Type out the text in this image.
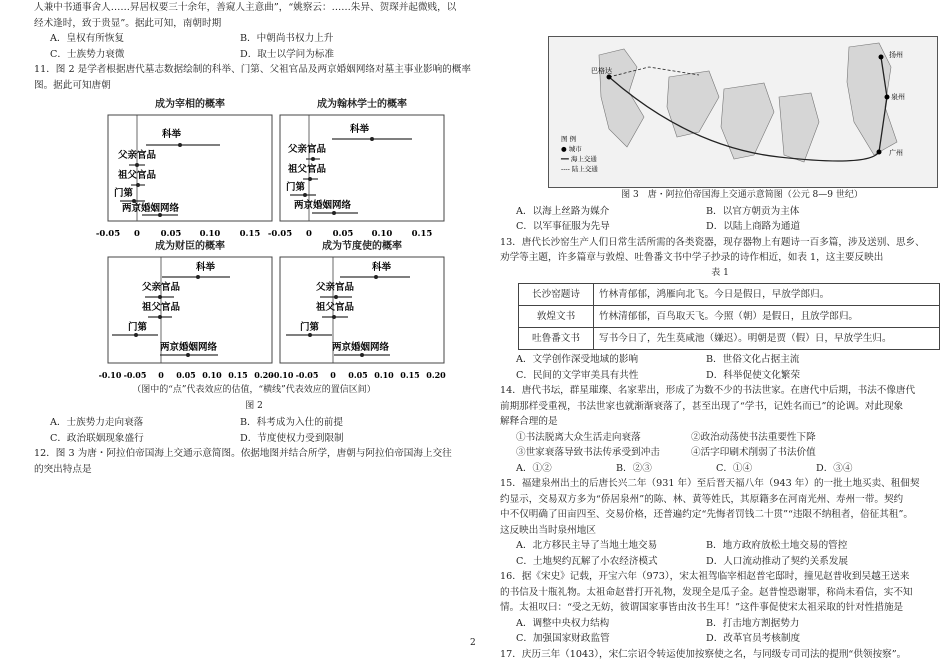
人兼中书通事舍人……昇居权要三十余年，善窥人主意曲”，“姚察云：……朱异、贺琛并起微贱，以

经术逢时，致于贵显”。据此可知，南朝时期

A．皇权有所恢复	B．中朝尚书权力上升
C．士族势力衰微	D．取士以学问为标准

11．图 2 是学者根据唐代墓志数据绘制的科举、门第、父祖官品及两京婚姻网络对墓主事业影响的概率

图。据此可知唐朝

成为宰相的概率
科举
父亲官品
祖父官品
门第
两京婚姻网络
-0.05 0 0.05 0.10 0.15
成为翰林学士的概率
科举
父亲官品
祖父官品
门第
两京婚姻网络
-0.05 0 0.05 0.10 0.15
成为财臣的概率
科举
父亲官品
祖父官品
门第
两京婚姻网络
-0.10 -0.05 0 0.05 0.10 0.15 0.20
成为节度使的概率
科举
父亲官品
祖父官品
门第
两京婚姻网络
-0.10 -0.05 0 0.05 0.10 0.15 0.20
（图中的“点”代表效应的估值，“横线”代表效应的置信区间）
图 2
A．士族势力走向衰落	B．科考成为入仕的前提
C．政治联姻现象盛行	D．节度使权力受到限制

12．图 3 为唐・阿拉伯帝国海上交通示意简图。依据地图并结合所学，唐朝与阿拉伯帝国海上交往

的突出特点是

巴格达
广州
扬州
泉州
图 例
● 城市
━━ 海上交通
---- 陆上交通
图 3　唐・阿拉伯帝国海上交通示意简图（公元 8—9 世纪）
A．以海上丝路为媒介	B．以官方朝贡为主体
C．以军事征服为先导	D．以陆上商路为通道

13．唐代长沙窑生产人们日常生活所需的各类瓷器，现存器物上有题诗一百多篇，涉及送别、思乡、

劝学等主题，许多篇章与敦煌、吐鲁番文书中学子抄录的诗作相近，如表 1，这主要反映出

表 1
长沙窑题诗	竹林青郁郁，鸿雁向北飞。今日是假日，早放学郎归。
敦煌文书	竹林清郁郁，百鸟取天飞。今照（朝）是假日，且放学郎归。
吐鲁番文书	写书今日了，先生莫咸池（嫌迟）。明朝是贾（假）日，早放学生归。
A．文学创作深受地域的影响	B．世俗文化占据主流
C．民间的文学审美具有共性	D．科举促使文化繁荣

14．唐代书坛，群星璀璨、名家辈出，形成了为数不少的书法世家。在唐代中后期，书法不像唐代

前期那样受重视，书法世家也就渐渐衰落了，甚至出现了“学书，记姓名而已”的论调。对此现象

解释合理的是

①书法脱离大众生活走向衰落	②政治动荡使书法重要性下降
③世家衰落导致书法传承受到冲击	④活字印刷术削弱了书法价值
A．①②	B．②③	C．①④	D．③④

15．福建泉州出土的后唐长兴二年（931 年）至后晋天福八年（943 年）的一批土地买卖、租佃契

约显示，交易双方多为“侨居泉州”的陈、林、黄等姓氏，其原籍多在河南光州、寿州一带。契约

中不仅明确了田亩四至、交易价格，还普遍约定“先悔者罚钱二十贯”“违限不纳租者，倍征其租”。

这反映出当时泉州地区

A．北方移民主导了当地土地交易	B．地方政府放松土地交易的管控
C．土地契约瓦解了小农经济模式	D．人口流动推动了契约关系发展

16．据《宋史》记载，开宝六年（973），宋太祖驾临宰相赵普宅邸时，撞见赵普收到吴越王送来

的书信及十瓶礼物。太祖命赵普打开礼物，发现全是瓜子金。赵普惶恐谢罪，称尚未看信，实不知

情。太祖叹曰：“受之无妨，彼谓国家事皆由汝书生耳！”这件事促使宋太祖采取的针对性措施是

A．调整中央权力结构	B．打击地方割据势力
C．加强国家财政监管	D．改革官员考核制度

17．庆历三年（1043），宋仁宗诏令转运使加按察使之名，与同级专司司法的提刑“供领按察”。

2
